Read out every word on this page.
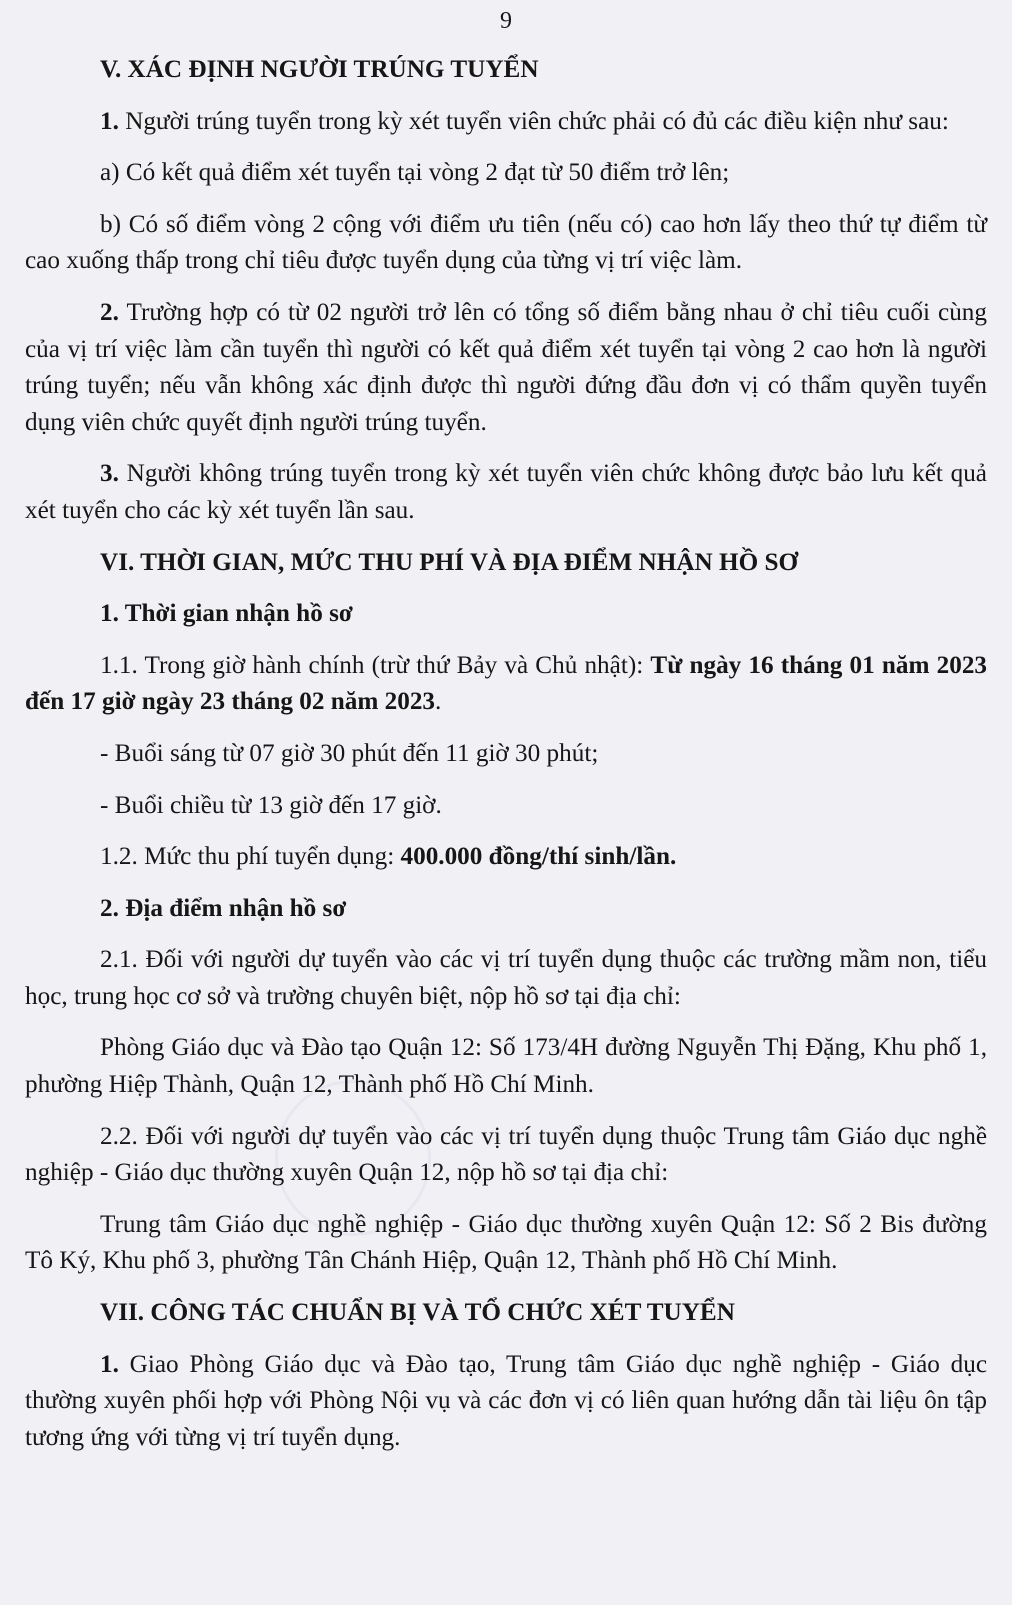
9

V. XÁC ĐỊNH NGƯỜI TRÚNG TUYỂN

1. Người trúng tuyển trong kỳ xét tuyển viên chức phải có đủ các điều kiện như sau:

a) Có kết quả điểm xét tuyển tại vòng 2 đạt từ 50 điểm trở lên;

b) Có số điểm vòng 2 cộng với điểm ưu tiên (nếu có) cao hơn lấy theo thứ tự điểm từ cao xuống thấp trong chỉ tiêu được tuyển dụng của từng vị trí việc làm.

2. Trường hợp có từ 02 người trở lên có tổng số điểm bằng nhau ở chỉ tiêu cuối cùng của vị trí việc làm cần tuyển thì người có kết quả điểm xét tuyển tại vòng 2 cao hơn là người trúng tuyển; nếu vẫn không xác định được thì người đứng đầu đơn vị có thẩm quyền tuyển dụng viên chức quyết định người trúng tuyển.

3. Người không trúng tuyển trong kỳ xét tuyển viên chức không được bảo lưu kết quả xét tuyển cho các kỳ xét tuyển lần sau.

VI. THỜI GIAN, MỨC THU PHÍ VÀ ĐỊA ĐIỂM NHẬN HỒ SƠ

1. Thời gian nhận hồ sơ

1.1. Trong giờ hành chính (trừ thứ Bảy và Chủ nhật): Từ ngày 16 tháng 01 năm 2023 đến 17 giờ ngày 23 tháng 02 năm 2023.

- Buổi sáng từ 07 giờ 30 phút đến 11 giờ 30 phút;

- Buổi chiều từ 13 giờ đến 17 giờ.

1.2. Mức thu phí tuyển dụng: 400.000 đồng/thí sinh/lần.

2. Địa điểm nhận hồ sơ

2.1. Đối với người dự tuyển vào các vị trí tuyển dụng thuộc các trường mầm non, tiểu học, trung học cơ sở và trường chuyên biệt, nộp hồ sơ tại địa chỉ:

Phòng Giáo dục và Đào tạo Quận 12: Số 173/4H đường Nguyễn Thị Đặng, Khu phố 1, phường Hiệp Thành, Quận 12, Thành phố Hồ Chí Minh.

2.2. Đối với người dự tuyển vào các vị trí tuyển dụng thuộc Trung tâm Giáo dục nghề nghiệp - Giáo dục thường xuyên Quận 12, nộp hồ sơ tại địa chỉ:

Trung tâm Giáo dục nghề nghiệp - Giáo dục thường xuyên Quận 12: Số 2 Bis đường Tô Ký, Khu phố 3, phường Tân Chánh Hiệp, Quận 12, Thành phố Hồ Chí Minh.

VII. CÔNG TÁC CHUẨN BỊ VÀ TỔ CHỨC XÉT TUYỂN

1. Giao Phòng Giáo dục và Đào tạo, Trung tâm Giáo dục nghề nghiệp - Giáo dục thường xuyên phối hợp với Phòng Nội vụ và các đơn vị có liên quan hướng dẫn tài liệu ôn tập tương ứng với từng vị trí tuyển dụng.
